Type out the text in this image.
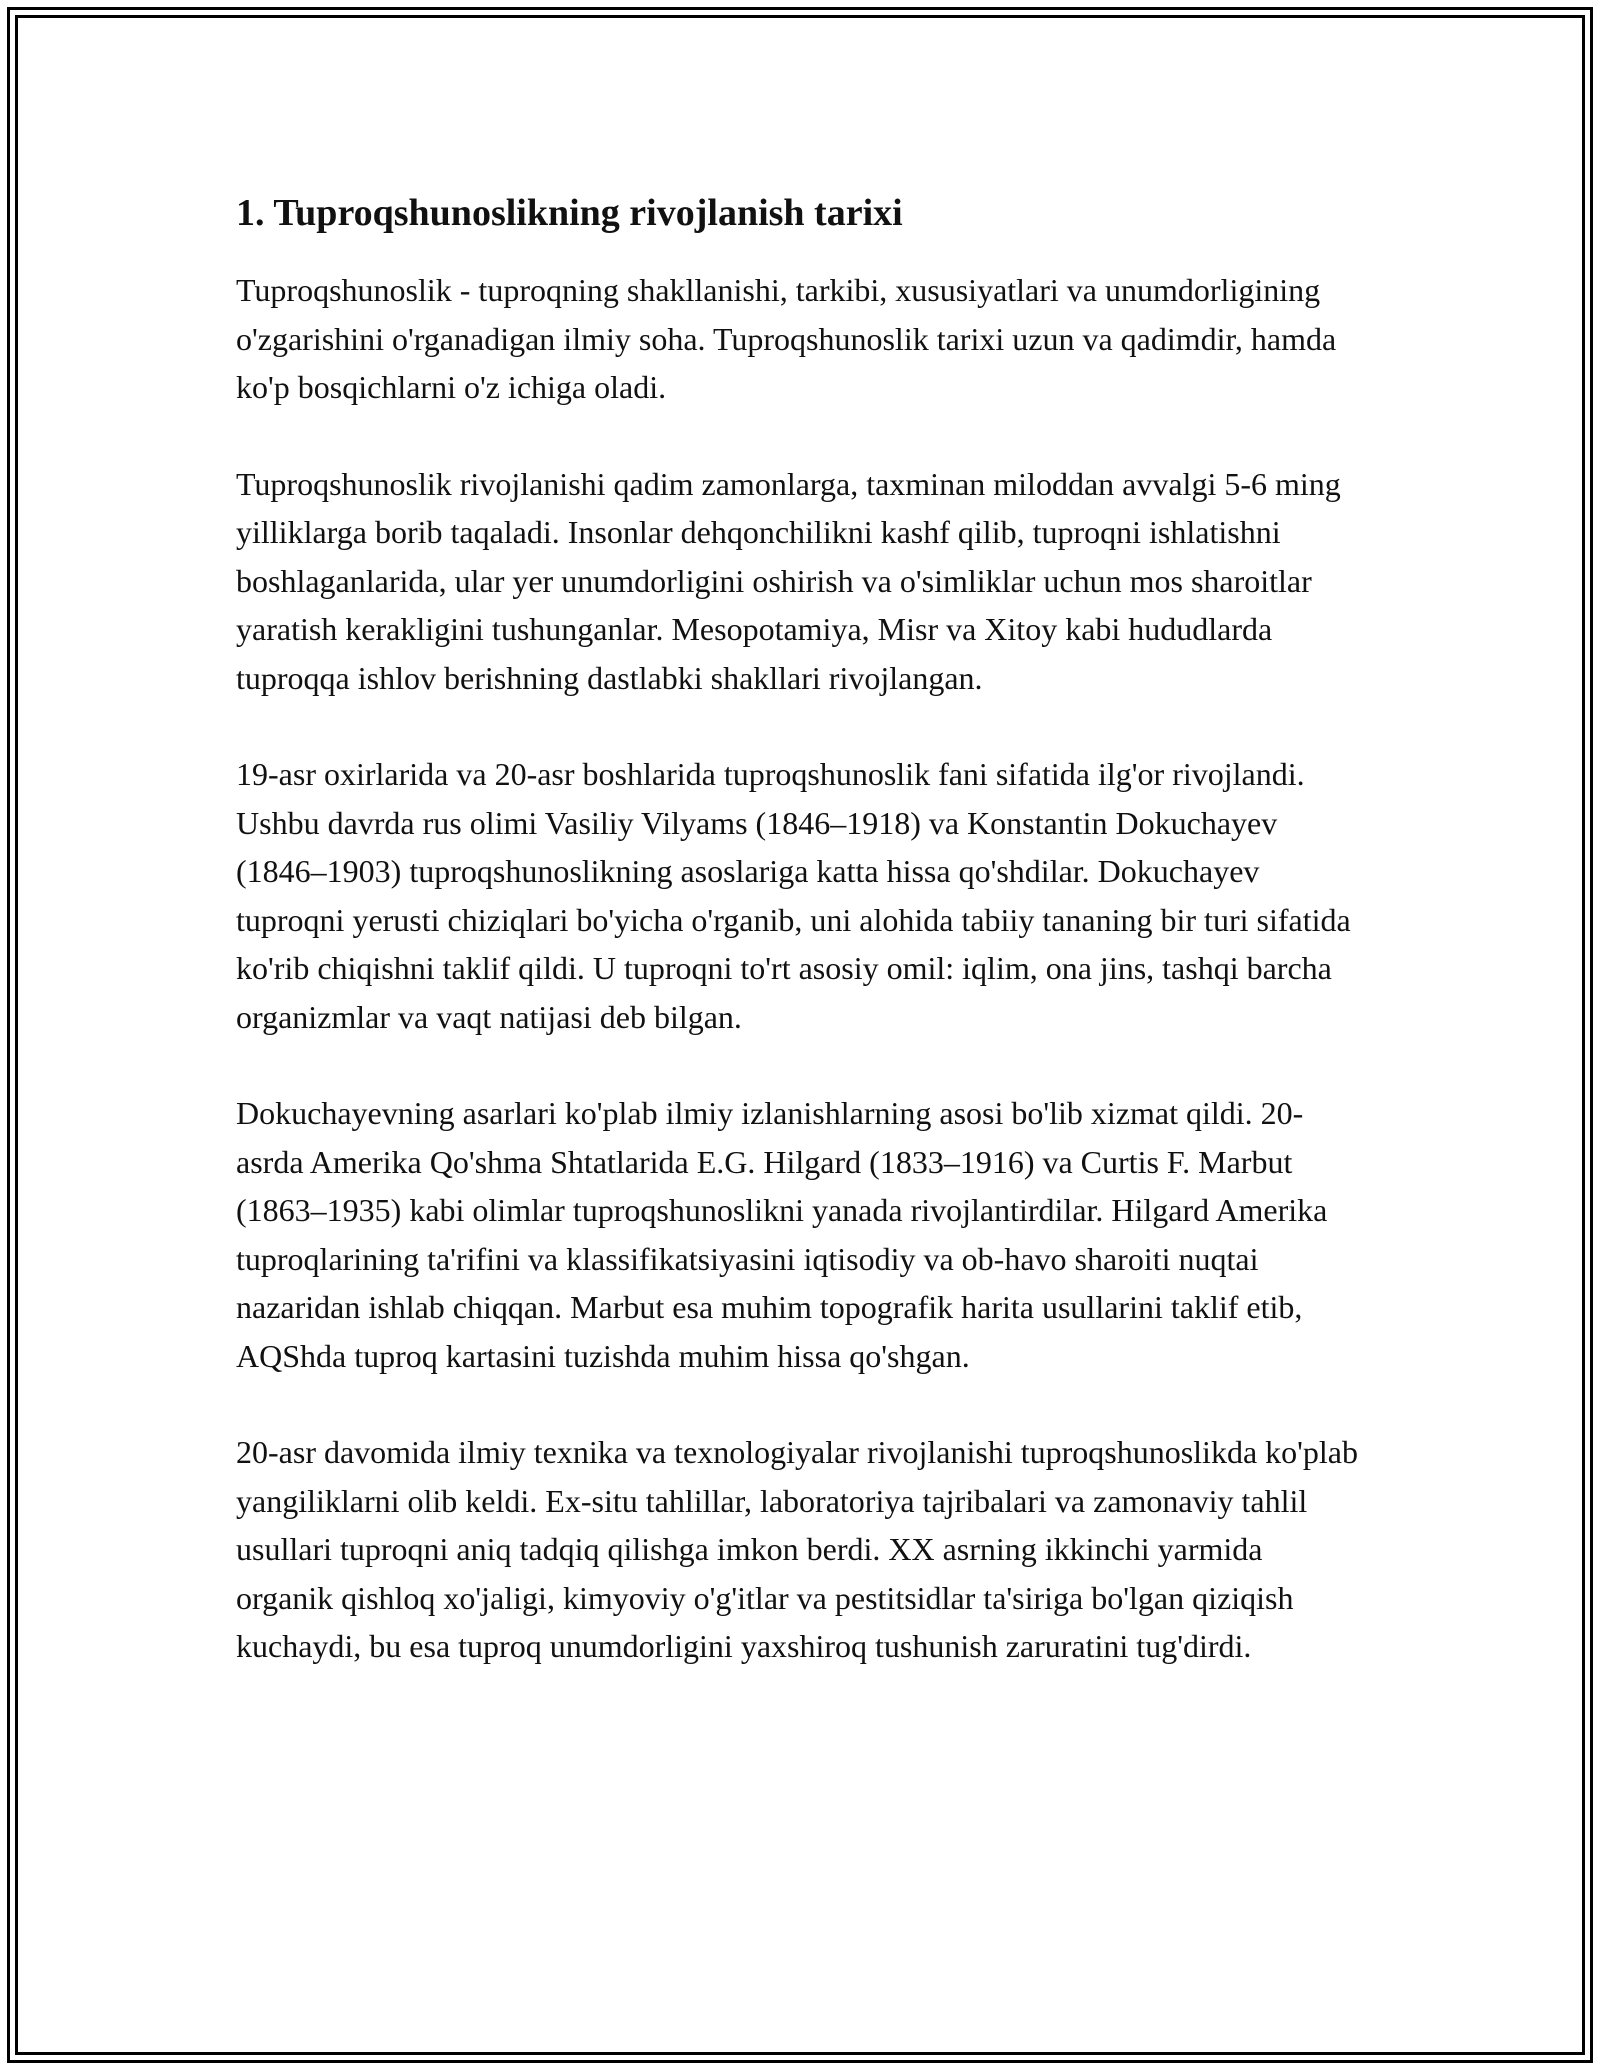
1. Tuproqshunoslikning rivojlanish tarixi

Tuproqshunoslik - tuproqning shakllanishi, tarkibi, xususiyatlari va unumdorligining o'zgarishini o'rganadigan ilmiy soha. Tuproqshunoslik tarixi uzun va qadimdir, hamda ko'p bosqichlarni o'z ichiga oladi.

Tuproqshunoslik rivojlanishi qadim zamonlarga, taxminan miloddan avvalgi 5-6 ming yilliklarga borib taqaladi. Insonlar dehqonchilikni kashf qilib, tuproqni ishlatishni boshlaganlarida, ular yer unumdorligini oshirish va o'simliklar uchun mos sharoitlar yaratish kerakligini tushunganlar. Mesopotamiya, Misr va Xitoy kabi hududlarda tuproqqa ishlov berishning dastlabki shakllari rivojlangan.

19-asr oxirlarida va 20-asr boshlarida tuproqshunoslik fani sifatida ilg'or rivojlandi. Ushbu davrda rus olimi Vasiliy Vilyams (1846–1918) va Konstantin Dokuchayev (1846–1903) tuproqshunoslikning asoslariga katta hissa qo'shdilar. Dokuchayev tuproqni yerusti chiziqlari bo'yicha o'rganib, uni alohida tabiiy tananing bir turi sifatida ko'rib chiqishni taklif qildi. U tuproqni to'rt asosiy omil: iqlim, ona jins, tashqi barcha organizmlar va vaqt natijasi deb bilgan.

Dokuchayevning asarlari ko'plab ilmiy izlanishlarning asosi bo'lib xizmat qildi. 20-asrda Amerika Qo'shma Shtatlarida E.G. Hilgard (1833–1916) va Curtis F. Marbut (1863–1935) kabi olimlar tuproqshunoslikni yanada rivojlantirdilar. Hilgard Amerika tuproqlarining ta'rifini va klassifikatsiyasini iqtisodiy va ob-havo sharoiti nuqtai nazaridan ishlab chiqqan. Marbut esa muhim topografik harita usullarini taklif etib, AQShda tuproq kartasini tuzishda muhim hissa qo'shgan.

20-asr davomida ilmiy texnika va texnologiyalar rivojlanishi tuproqshunoslikda ko'plab yangiliklarni olib keldi. Ex-situ tahlillar, laboratoriya tajribalari va zamonaviy tahlil usullari tuproqni aniq tadqiq qilishga imkon berdi. XX asrning ikkinchi yarmida organik qishloq xo'jaligi, kimyoviy o'g'itlar va pestitsidlar ta'siriga bo'lgan qiziqish kuchaydi, bu esa tuproq unumdorligini yaxshiroq tushunish zaruratini tug'dirdi.
